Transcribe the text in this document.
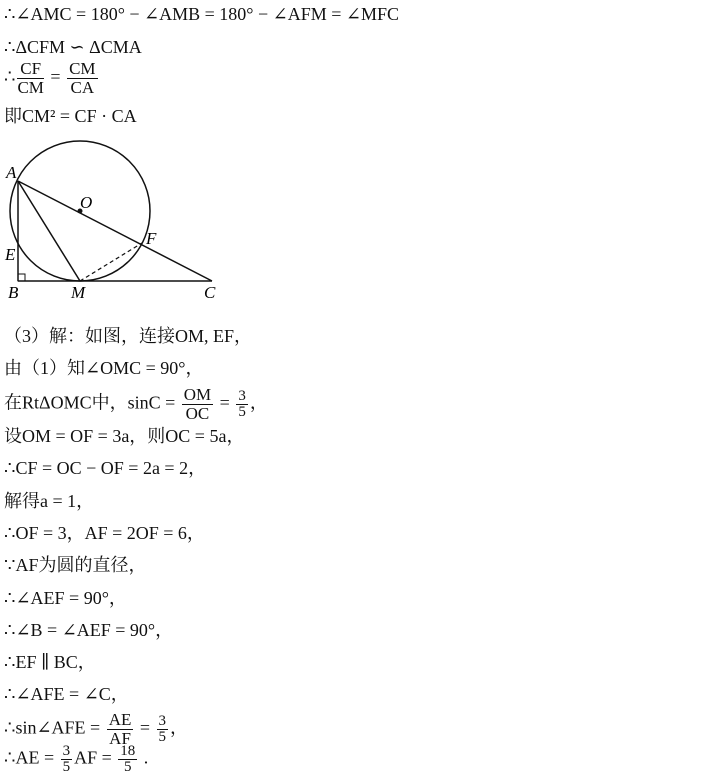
∴∠AMC = 180° − ∠AMB = 180° − ∠AFM = ∠MFC
∴ΔCFM ∽ ΔCMA
∴ $\frac{CF}{CM} = \frac{CM}{CA}$
即CM² = CF · CA
A
O
F
E
B	M	C
（3）解：如图，连接OM, EF，
由（1）知∠OMC = 90°，
在RtΔOMC中，$\sin C = \frac{OM}{OC} = \frac{3}{5}$ ，
设OM = OF = 3a，则OC = 5a，
∴CF = OC − OF = 2a = 2，
解得a = 1，
∴OF = 3，AF = 2OF = 6，
∵AF为圆的直径，
∴∠AEF = 90°，
∴∠B = ∠AEF = 90°，
∴EF ∥ BC，
∴∠AFE = ∠C，
∴sin∠AFE = $\frac{AE}{AF} = \frac{3}{5}$ ，
∴AE = $\frac{3}{5}$ AF = $\frac{18}{5}$ .
